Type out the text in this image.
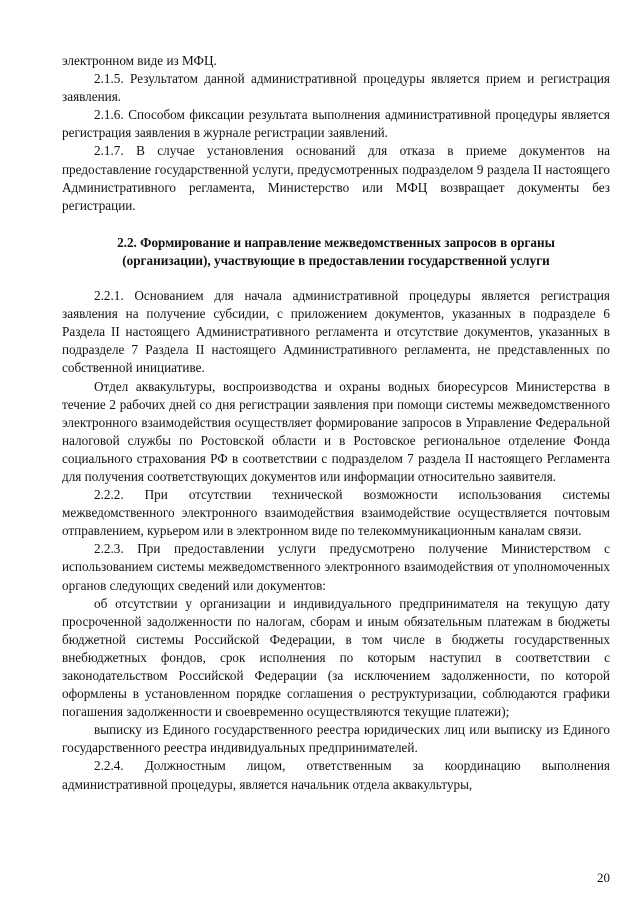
электронном виде из МФЦ.

2.1.5. Результатом данной административной процедуры является прием и регистрация заявления.

2.1.6. Способом фиксации результата выполнения административной процедуры является регистрация заявления в журнале регистрации заявлений.

2.1.7. В случае установления оснований для отказа в приеме документов на предоставление государственной услуги, предусмотренных подразделом 9 раздела II настоящего Административного регламента, Министерство или МФЦ возвращает документы без регистрации.

2.2. Формирование и направление межведомственных запросов в органы (организации), участвующие в предоставлении государственной услуги

2.2.1. Основанием для начала административной процедуры является регистрация заявления на получение субсидии, с приложением документов, указанных в подразделе 6 Раздела II настоящего Административного регламента и отсутствие документов, указанных в подразделе 7 Раздела II настоящего Административного регламента, не представленных по собственной инициативе.

Отдел аквакультуры, воспроизводства и охраны водных биоресурсов Министерства в течение 2 рабочих дней со дня регистрации заявления при помощи системы межведомственного электронного взаимодействия осуществляет формирование запросов в Управление Федеральной налоговой службы по Ростовской области и в Ростовское региональное отделение Фонда социального страхования РФ в соответствии с подразделом 7 раздела II настоящего Регламента для получения соответствующих документов или информации относительно заявителя.

2.2.2. При отсутствии технической возможности использования системы межведомственного электронного взаимодействия взаимодействие осуществляется почтовым отправлением, курьером или в электронном виде по телекоммуникационным каналам связи.

2.2.3. При предоставлении услуги предусмотрено получение Министерством с использованием системы межведомственного электронного взаимодействия от уполномоченных органов следующих сведений или документов:

об отсутствии у организации и индивидуального предпринимателя на текущую дату просроченной задолженности по налогам, сборам и иным обязательным платежам в бюджеты бюджетной системы Российской Федерации, в том числе в бюджеты государственных внебюджетных фондов, срок исполнения по которым наступил в соответствии с законодательством Российской Федерации (за исключением задолженности, по которой оформлены в установленном порядке соглашения о реструктуризации, соблюдаются графики погашения задолженности и своевременно осуществляются текущие платежи);

выписку из Единого государственного реестра юридических лиц или выписку из Единого государственного реестра индивидуальных предпринимателей.

2.2.4. Должностным лицом, ответственным за координацию выполнения административной процедуры, является начальник отдела аквакультуры,

20
